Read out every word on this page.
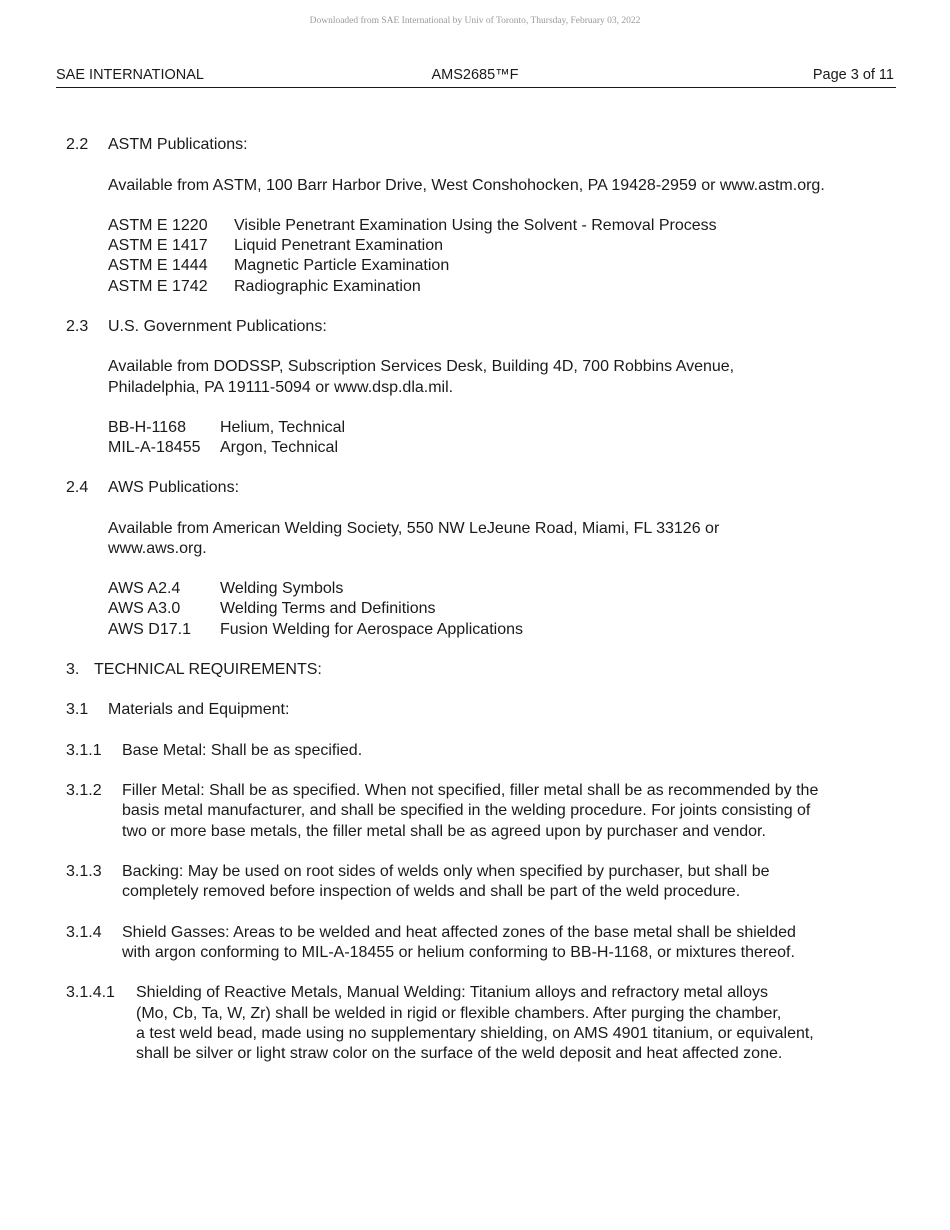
Downloaded from SAE International by Univ of Toronto, Thursday, February 03, 2022
SAE INTERNATIONAL	AMS2685™F	Page 3 of 11
2.2 ASTM Publications:
Available from ASTM, 100 Barr Harbor Drive, West Conshohocken, PA 19428-2959 or www.astm.org.
ASTM E 1220 Visible Penetrant Examination Using the Solvent - Removal Process
ASTM E 1417 Liquid Penetrant Examination
ASTM E 1444 Magnetic Particle Examination
ASTM E 1742 Radiographic Examination
2.3 U.S. Government Publications:
Available from DODSSP, Subscription Services Desk, Building 4D, 700 Robbins Avenue,
Philadelphia, PA 19111-5094 or www.dsp.dla.mil.
BB-H-1168 Helium, Technical
MIL-A-18455 Argon, Technical
2.4 AWS Publications:
Available from American Welding Society, 550 NW LeJeune Road, Miami, FL 33126 or
www.aws.org.
AWS A2.4 Welding Symbols
AWS A3.0 Welding Terms and Definitions
AWS D17.1 Fusion Welding for Aerospace Applications
3. TECHNICAL REQUIREMENTS:
3.1 Materials and Equipment:
3.1.1 Base Metal: Shall be as specified.
3.1.2 Filler Metal: Shall be as specified. When not specified, filler metal shall be as recommended by the
basis metal manufacturer, and shall be specified in the welding procedure. For joints consisting of
two or more base metals, the filler metal shall be as agreed upon by purchaser and vendor.
3.1.3 Backing: May be used on root sides of welds only when specified by purchaser, but shall be
completely removed before inspection of welds and shall be part of the weld procedure.
3.1.4 Shield Gasses: Areas to be welded and heat affected zones of the base metal shall be shielded
with argon conforming to MIL-A-18455 or helium conforming to BB-H-1168, or mixtures thereof.
3.1.4.1 Shielding of Reactive Metals, Manual Welding: Titanium alloys and refractory metal alloys
(Mo, Cb, Ta, W, Zr) shall be welded in rigid or flexible chambers. After purging the chamber,
a test weld bead, made using no supplementary shielding, on AMS 4901 titanium, or equivalent,
shall be silver or light straw color on the surface of the weld deposit and heat affected zone.
